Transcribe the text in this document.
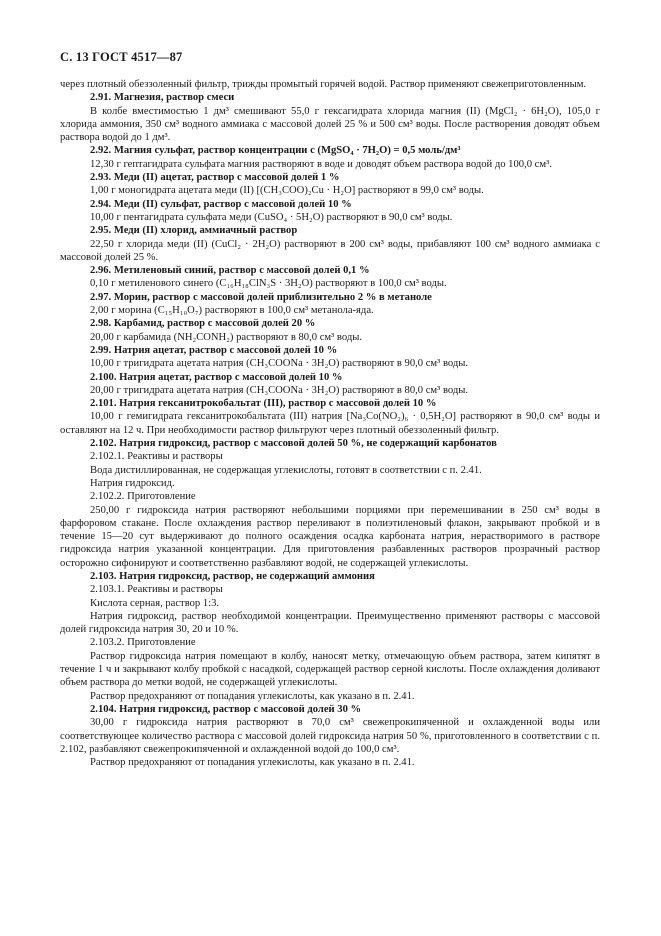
С. 13 ГОСТ 4517—87

через плотный обеззоленный фильтр, трижды промытый горячей водой. Раствор применяют свежеприготовленным.

2.91. Магнезия, раствор смеси

В колбе вместимостью 1 дм³ смешивают 55,0 г гексагидрата хлорида магния (II) (MgCl₂ · 6H₂O), 105,0 г хлорида аммония, 350 см³ водного аммиака с массовой долей 25 % и 500 см³ воды. После растворения доводят объем раствора водой до 1 дм³.

2.92. Магния сульфат, раствор концентрации с (MgSO₄ · 7H₂O) = 0,5 моль/дм³

12,30 г гептагидрата сульфата магния растворяют в воде и доводят объем раствора водой до 100,0 см³.

2.93. Меди (II) ацетат, раствор с массовой долей 1 %

1,00 г моногидрата ацетата меди (II) [(CH₃COO)₂Cu · H₂O] растворяют в 99,0 см³ воды.

2.94. Меди (II) сульфат, раствор с массовой долей 10 %

10,00 г пентагидрата сульфата меди (CuSO₄ · 5H₂O) растворяют в 90,0 см³ воды.

2.95. Меди (II) хлорид, аммиачный раствор

22,50 г хлорида меди (II) (CuCl₂ · 2H₂O) растворяют в 200 см³ воды, прибавляют 100 см³ водного аммиака с массовой долей 25 %.

2.96. Метиленовый синий, раствор с массовой долей 0,1 %

0,10 г метиленового синего (C₁₆H₁₈ClN₃S · 3H₂O) растворяют в 100,0 см³ воды.

2.97. Морин, раствор с массовой долей приблизительно 2 % в метаноле

2,00 г морина (C₁₅H₁₀O₇) растворяют в 100,0 см³ метанола-яда.

2.98. Карбамид, раствор с массовой долей 20 %

20,00 г карбамида (NH₂CONH₂) растворяют в 80,0 см³ воды.

2.99. Натрия ацетат, раствор с массовой долей 10 %

10,00 г тригидрата ацетата натрия (CH₃COONa · 3H₂O) растворяют в 90,0 см³ воды.

2.100. Натрия ацетат, раствор с массовой долей 10 %

20,00 г тригидрата ацетата натрия (CH₃COONa · 3H₂O) растворяют в 80,0 см³ воды.

2.101. Натрия гексанитрокобальтат (III), раствор с массовой долей 10 %

10,00 г гемигидрата гексанитрокобальтата (III) натрия [Na₃Co(NO₂)₆ · 0,5H₂O] растворяют в 90,0 см³ воды и оставляют на 12 ч. При необходимости раствор фильтруют через плотный обеззоленный фильтр.

2.102. Натрия гидроксид, раствор с массовой долей 50 %, не содержащий карбонатов

2.102.1. Реактивы и растворы

Вода дистиллированная, не содержащая углекислоты, готовят в соответствии с п. 2.41.

Натрия гидроксид.

2.102.2. Приготовление

250,00 г гидроксида натрия растворяют небольшими порциями при перемешивании в 250 см³ воды в фарфоровом стакане. После охлаждения раствор переливают в полиэтиленовый флакон, закрывают пробкой и в течение 15—20 сут выдерживают до полного осаждения осадка карбоната натрия, нерастворимого в растворе гидроксида натрия указанной концентрации. Для приготовления разбавленных растворов прозрачный раствор осторожно сифонируют и соответственно разбавляют водой, не содержащей углекислоты.

2.103. Натрия гидроксид, раствор, не содержащий аммония

2.103.1. Реактивы и растворы

Кислота серная, раствор 1:3.

Натрия гидроксид, раствор необходимой концентрации. Преимущественно применяют растворы с массовой долей гидроксида натрия 30, 20 и 10 %.

2.103.2. Приготовление

Раствор гидроксида натрия помещают в колбу, наносят метку, отмечающую объем раствора, затем кипятят в течение 1 ч и закрывают колбу пробкой с насадкой, содержащей раствор серной кислоты. После охлаждения доливают объем раствора до метки водой, не содержащей углекислоты.

Раствор предохраняют от попадания углекислоты, как указано в п. 2.41.

2.104. Натрия гидроксид, раствор с массовой долей 30 %

30,00 г гидроксида натрия растворяют в 70,0 см³ свежепрокипяченной и охлажденной воды или соответствующее количество раствора с массовой долей гидроксида натрия 50 %, приготовленного в соответствии с п. 2.102, разбавляют свежепрокипяченной и охлажденной водой до 100,0 см³.

Раствор предохраняют от попадания углекислоты, как указано в п. 2.41.
